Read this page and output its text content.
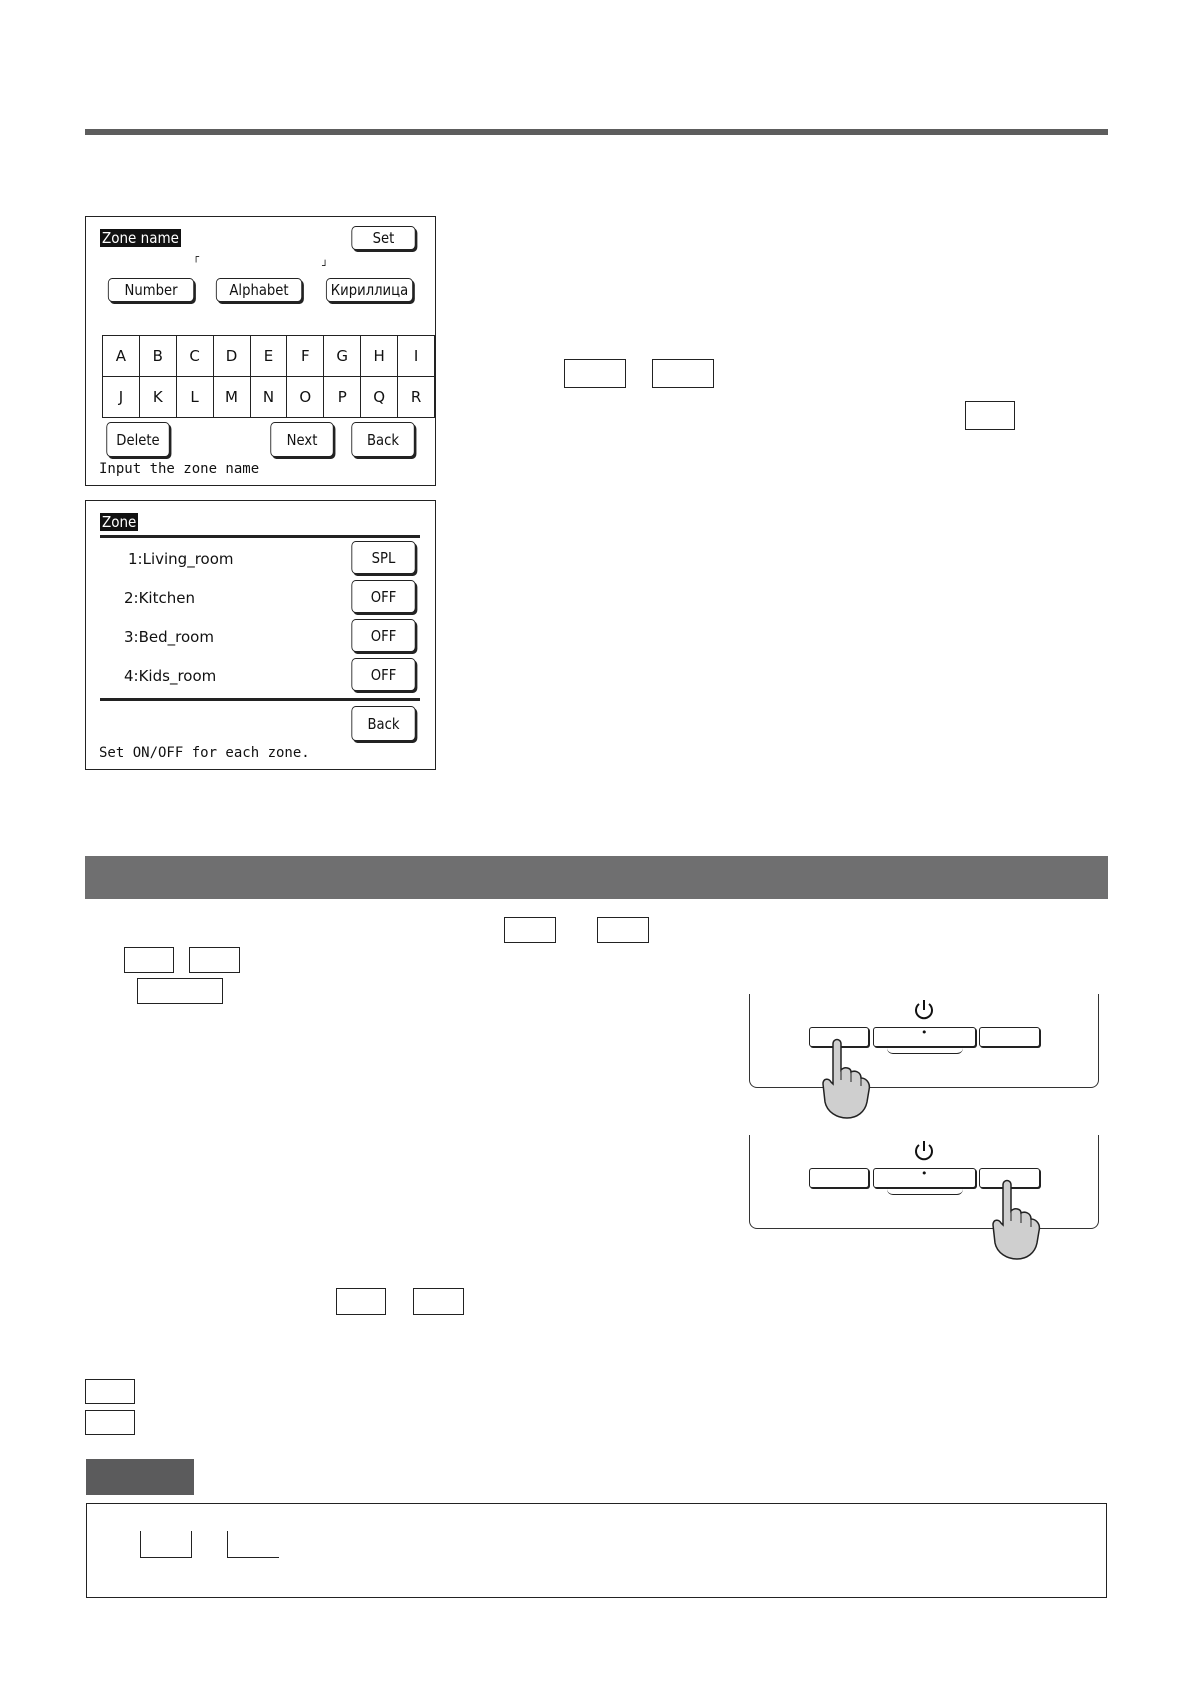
Zone name	Set
┌
┘
Number	Alphabet	Кириллица
A	B	C	D	E	F	G	H	I
J	K	L	M	N	O	P	Q	R
Delete	Next	Back
Input the zone name
Zone
1:Living_room	SPL
2:Kitchen	OFF
3:Bed_room	OFF
4:Kids_room	OFF
Back
Set ON/OFF for each zone.
•
•
